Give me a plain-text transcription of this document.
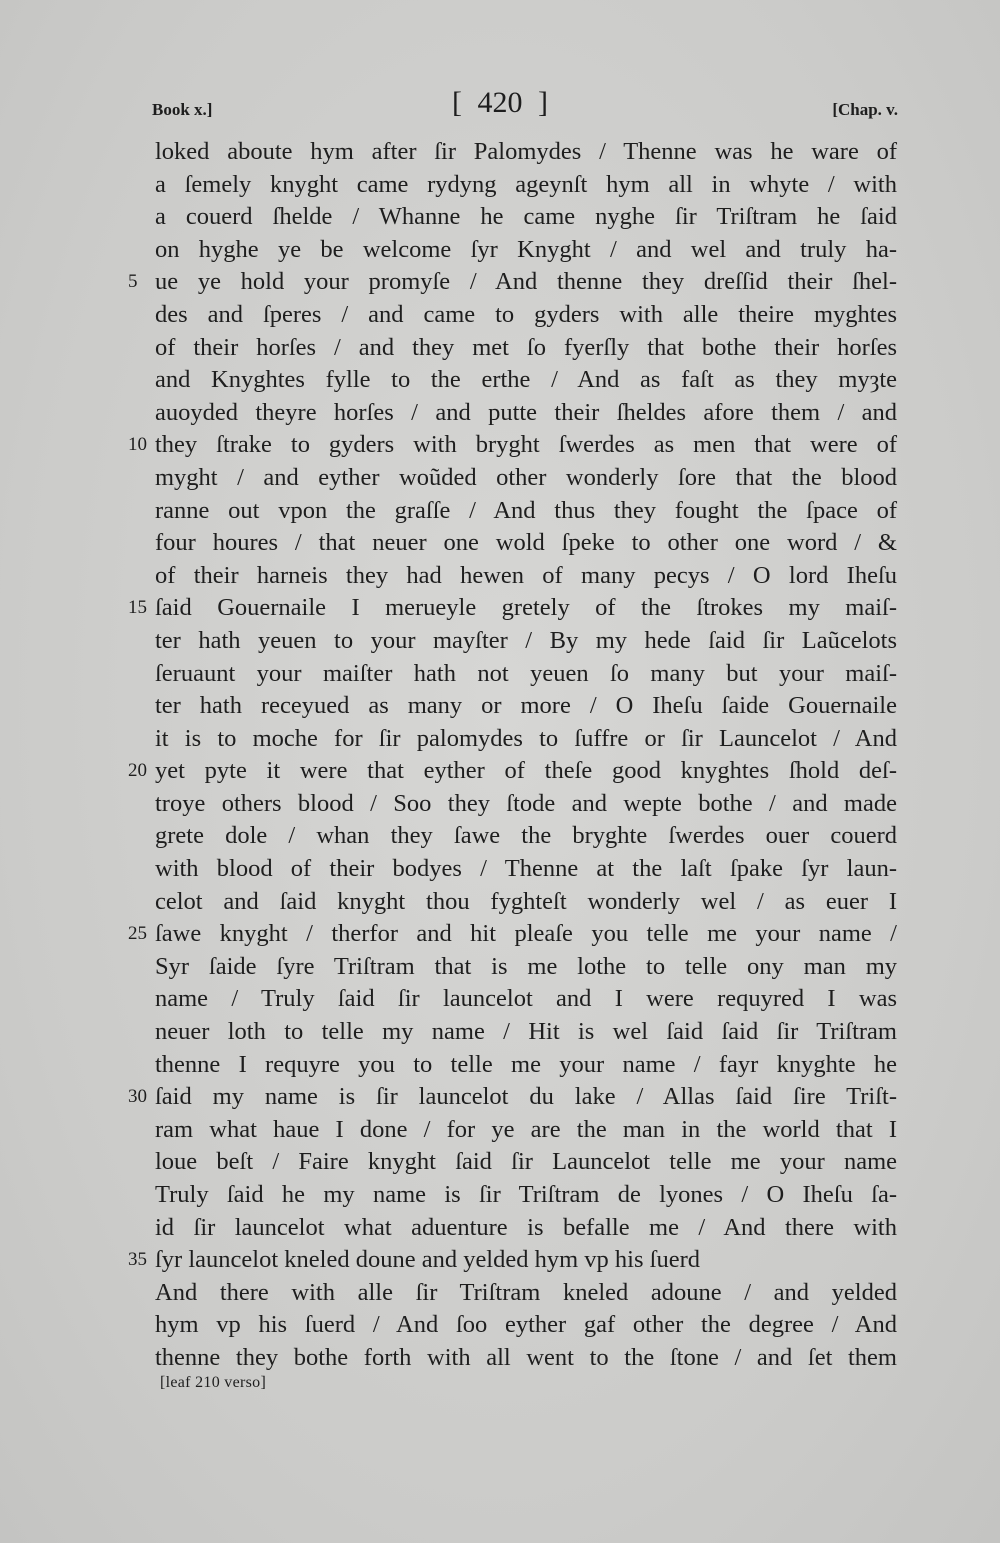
Book x.]	[ 420 ]	[Chap. v.
loked aboute hym after ſir Palomydes / Thenne was he ware of
a ſemely knyght came rydyng ageynſt hym all in whyte / with
a couerd ſhelde / Whanne he came nyghe ſir Triſtram he ſaid
on hyghe ye be welcome ſyr Knyght / and wel and truly ha-
5 ue ye hold your promyſe / And thenne they dreſſid their ſhel-
des and ſperes / and came to gyders with alle theire myghtes
of their horſes / and they met ſo fyerſly that bothe their horſes
and Knyghtes fylle to the erthe / And as faſt as they myȝte
auoyded theyre horſes / and putte their ſheldes afore them / and
10 they ſtrake to gyders with bryght ſwerdes as men that were of
myght / and eyther woũded other wonderly ſore that the blood
ranne out vpon the graſſe / And thus they fought the ſpace of
four houres / that neuer one wold ſpeke to other one word / &
of their harneis they had hewen of many pecys / O lord Iheſu
15 ſaid Gouernaile I merueyle gretely of the ſtrokes my maiſ-
ter hath yeuen to your mayſter / By my hede ſaid ſir Laũcelots
ſeruaunt your maiſter hath not yeuen ſo many but your maiſ-
ter hath receyued as many or more / O Iheſu ſaide Gouernaile
it is to moche for ſir palomydes to ſuffre or ſir Launcelot / And
20 yet pyte it were that eyther of theſe good knyghtes ſhold deſ-
troye others blood / Soo they ſtode and wepte bothe / and made
grete dole / whan they ſawe the bryghte ſwerdes ouer couerd
with blood of their bodyes / Thenne at the laſt ſpake ſyr laun-
celot and ſaid knyght thou fyghteſt wonderly wel / as euer I
25 ſawe knyght / therfor and hit pleaſe you telle me your name /
Syr ſaide ſyre Triſtram that is me lothe to telle ony man my
name / Truly ſaid ſir launcelot and I were requyred I was
neuer loth to telle my name / Hit is wel ſaid ſaid ſir Triſtram
thenne I requyre you to telle me your name / fayr knyghte he
30 ſaid my name is ſir launcelot du lake / Allas ſaid ſire Triſt-
ram what haue I done / for ye are the man in the world that I
loue beſt / Faire knyght ſaid ſir Launcelot telle me your name
Truly ſaid he my name is ſir Triſtram de lyones / O Iheſu ſa-
id ſir launcelot what aduenture is befalle me / And there with
35 ſyr launcelot kneled doune and yelded hym vp his ſuerd
And there with alle ſir Triſtram kneled adoune / and yelded
hym vp his ſuerd / And ſoo eyther gaf other the degree / And
thenne they bothe forth with all went to the ſtone / and ſet them
[leaf 210 verso]
